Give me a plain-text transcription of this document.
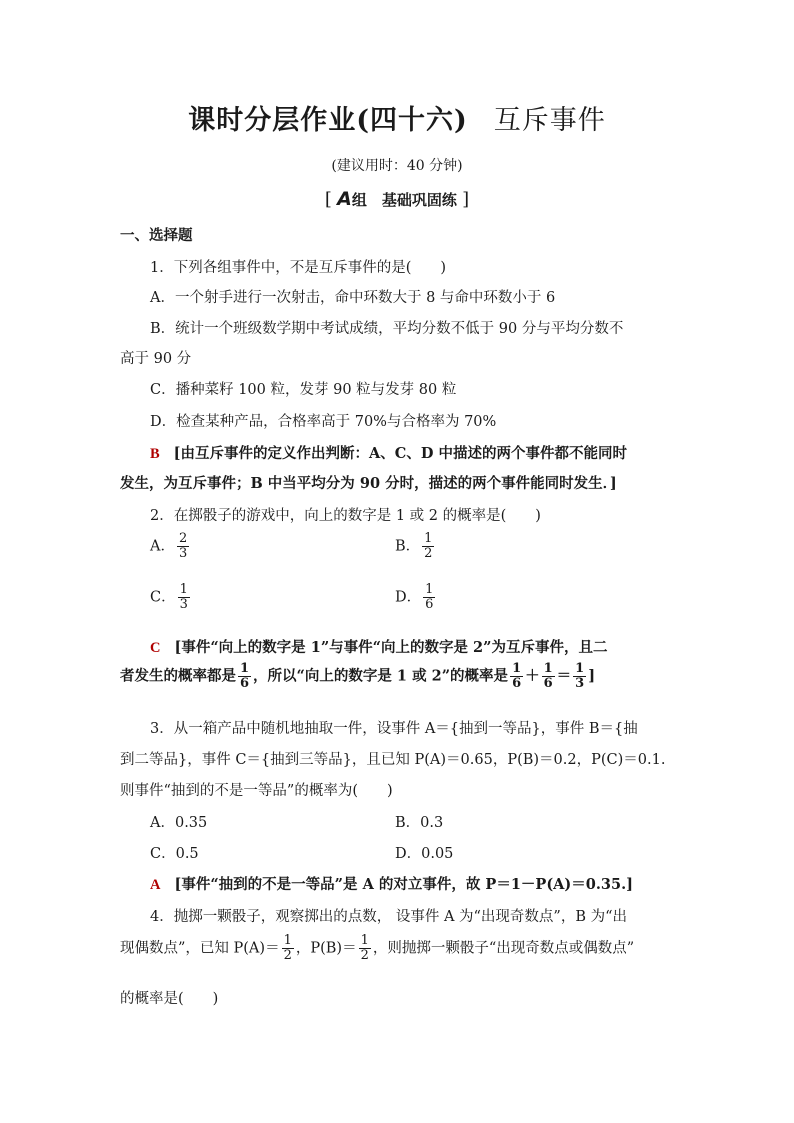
课时分层作业(四十六) 互斥事件
(建议用时：40 分钟)
[ A组　基础巩固练 ]
一、选择题
1．下列各组事件中，不是互斥事件的是(　　)
A．一个射手进行一次射击，命中环数大于 8 与命中环数小于 6
B．统计一个班级数学期中考试成绩，平均分数不低于 90 分与平均分数不
高于 90 分
C．播种菜籽 100 粒，发芽 90 粒与发芽 80 粒
D．检查某种产品，合格率高于 70%与合格率为 70%
B [由互斥事件的定义作出判断：A、C、D 中描述的两个事件都不能同时
发生，为互斥事件；B 中当平均分为 90 分时，描述的两个事件能同时发生．]
2．在掷骰子的游戏中，向上的数字是 1 或 2 的概率是(　　)
A． $\frac{2}{3}$	B． $\frac{1}{2}$
C． $\frac{1}{3}$	D． $\frac{1}{6}$
C [事件“向上的数字是 1”与事件“向上的数字是 2”为互斥事件，且二
者发生的概率都是 $\frac{1}{6}$ ，所以“向上的数字是 1 或 2”的概率是 $\frac{1}{6} + \frac{1}{6} = \frac{1}{3}$ ]
3．从一箱产品中随机地抽取一件，设事件 A＝{抽到一等品}，事件 B＝{抽
到二等品}，事件 C＝{抽到三等品}，且已知 P(A)＝0.65，P(B)＝0.2，P(C)＝0.1.
则事件“抽到的不是一等品”的概率为(　　)
A．0.35	B．0.3
C．0.5	D．0.05
A [事件“抽到的不是一等品”是 A 的对立事件，故 P＝1－P(A)＝0.35.]
4．抛掷一颗骰子，观察掷出的点数， 设事件 A 为“出现奇数点”，B 为“出
现偶数点”，已知 $P(A)= \frac{1}{2}$ ，$P(B)= \frac{1}{2}$ ，则抛掷一颗骰子“出现奇数点或偶数点”
的概率是(　　)
